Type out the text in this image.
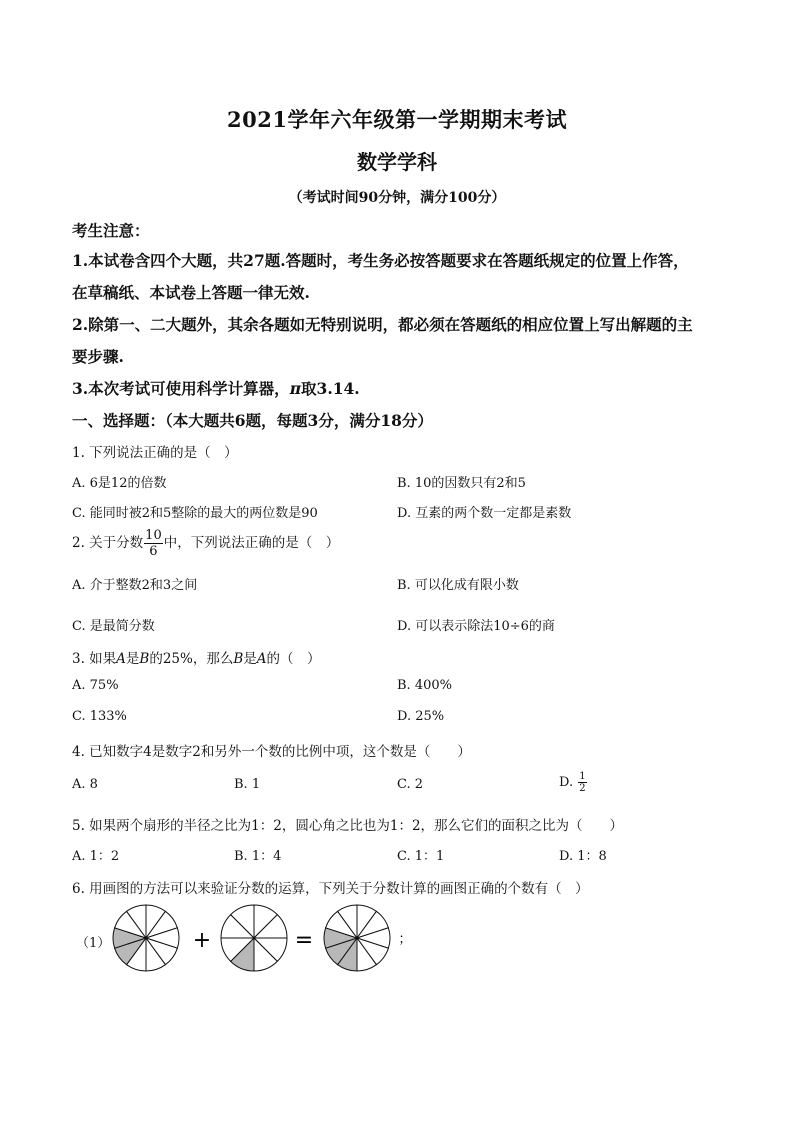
2021学年六年级第一学期期末考试
数学学科
（考试时间90分钟，满分100分）
考生注意：
1.本试卷含四个大题，共27题.答题时，考生务必按答题要求在答题纸规定的位置上作答，
在草稿纸、本试卷上答题一律无效.
2.除第一、二大题外，其余各题如无特别说明，都必须在答题纸的相应位置上写出解题的主
要步骤.
3.本次考试可使用科学计算器，π取3.14.
一、选择题：（本大题共6题，每题3分，满分18分）
1. 下列说法正确的是（　）
A. 6是12的倍数	B. 10的因数只有2和5
C. 能同时被2和5整除的最大的两位数是90	D. 互素的两个数一定都是素数
2. 关于分数 $\frac{10}{6}$ 中，下列说法正确的是（　）
A. 介于整数2和3之间	B. 可以化成有限小数
C. 是最简分数	D. 可以表示除法10÷6的商
3. 如果A是B的25%，那么B是A的（　）
A. 75%	B. 400%
C. 133%	D. 25%
4. 已知数字4是数字2和另外一个数的比例中项，这个数是（　　）
A. 8	B. 1	C. 2	D. $\frac{1}{2}$
5. 如果两个扇形的半径之比为1：2，圆心角之比也为1：2，那么它们的面积之比为（　　）
A. 1：2	B. 1：4	C. 1：1	D. 1：8
6. 用画图的方法可以来验证分数的运算，下列关于分数计算的画图正确的个数有（　）
（1）	+	=	；
